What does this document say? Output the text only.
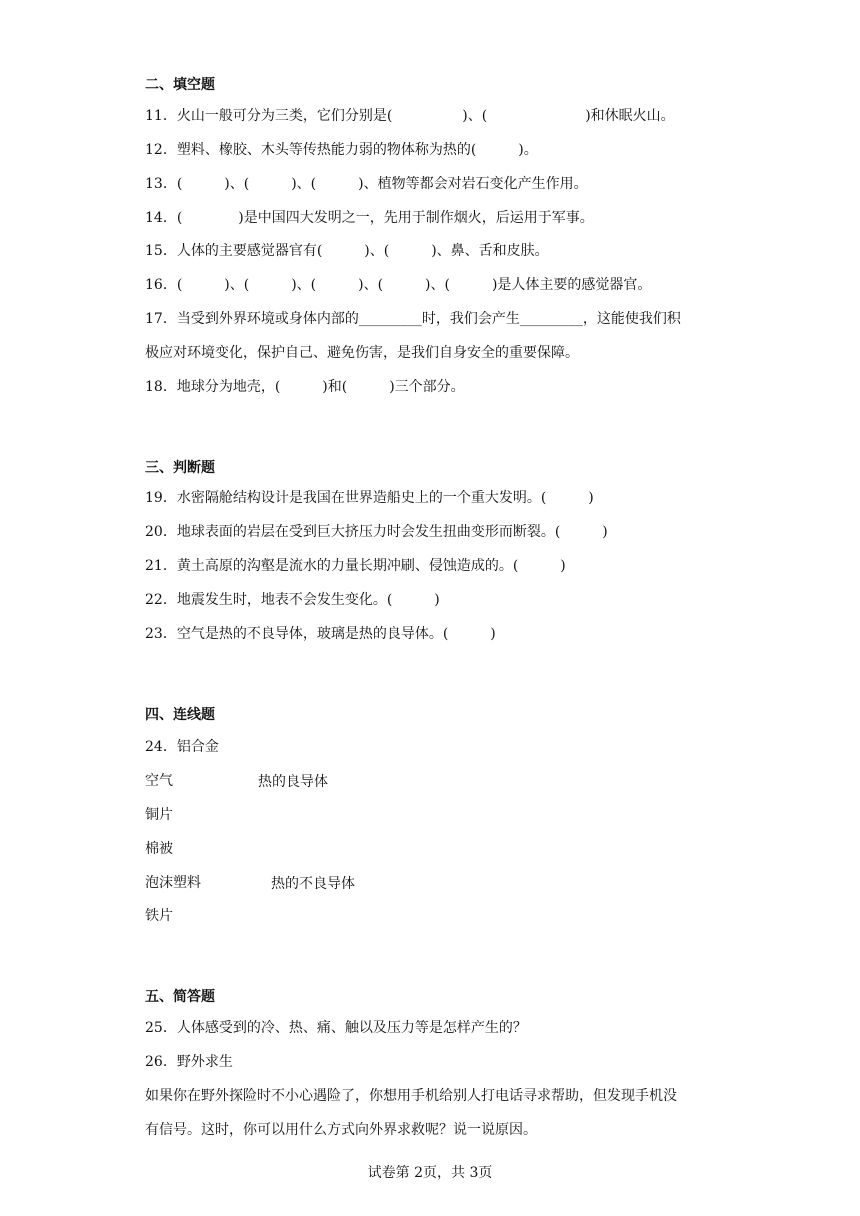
二、填空题
11．火山一般可分为三类，它们分别是(　　　　　)、(　　　　　　　)和休眠火山。
12．塑料、橡胶、木头等传热能力弱的物体称为热的(　　　)。
13．(　　　)、(　　　)、(　　　)、植物等都会对岩石变化产生作用。
14．(　　　　)是中国四大发明之一，先用于制作烟火，后运用于军事。
15．人体的主要感觉器官有(　　　)、(　　　)、鼻、舌和皮肤。
16．(　　　)、(　　　)、(　　　)、(　　　)、(　　　)是人体主要的感觉器官。
17．当受到外界环境或身体内部的_________时，我们会产生_________，这能使我们积
极应对环境变化，保护自己、避免伤害，是我们自身安全的重要保障。
18．地球分为地壳，(　　　)和(　　　)三个部分。
三、判断题
19．水密隔舱结构设计是我国在世界造船史上的一个重大发明。(　　　)
20．地球表面的岩层在受到巨大挤压力时会发生扭曲变形而断裂。(　　　)
21．黄土高原的沟壑是流水的力量长期冲刷、侵蚀造成的。(　　　)
22．地震发生时，地表不会发生变化。(　　　)
23．空气是热的不良导体，玻璃是热的良导体。(　　　)
四、连线题
24．铝合金
空气	热的良导体
铜片
棉被
泡沫塑料	热的不良导体
铁片
五、简答题
25．人体感受到的冷、热、痛、触以及压力等是怎样产生的？
26．野外求生
如果你在野外探险时不小心遇险了，你想用手机给别人打电话寻求帮助，但发现手机没
有信号。这时，你可以用什么方式向外界求救呢？说一说原因。
试卷第 2页，共 3页
